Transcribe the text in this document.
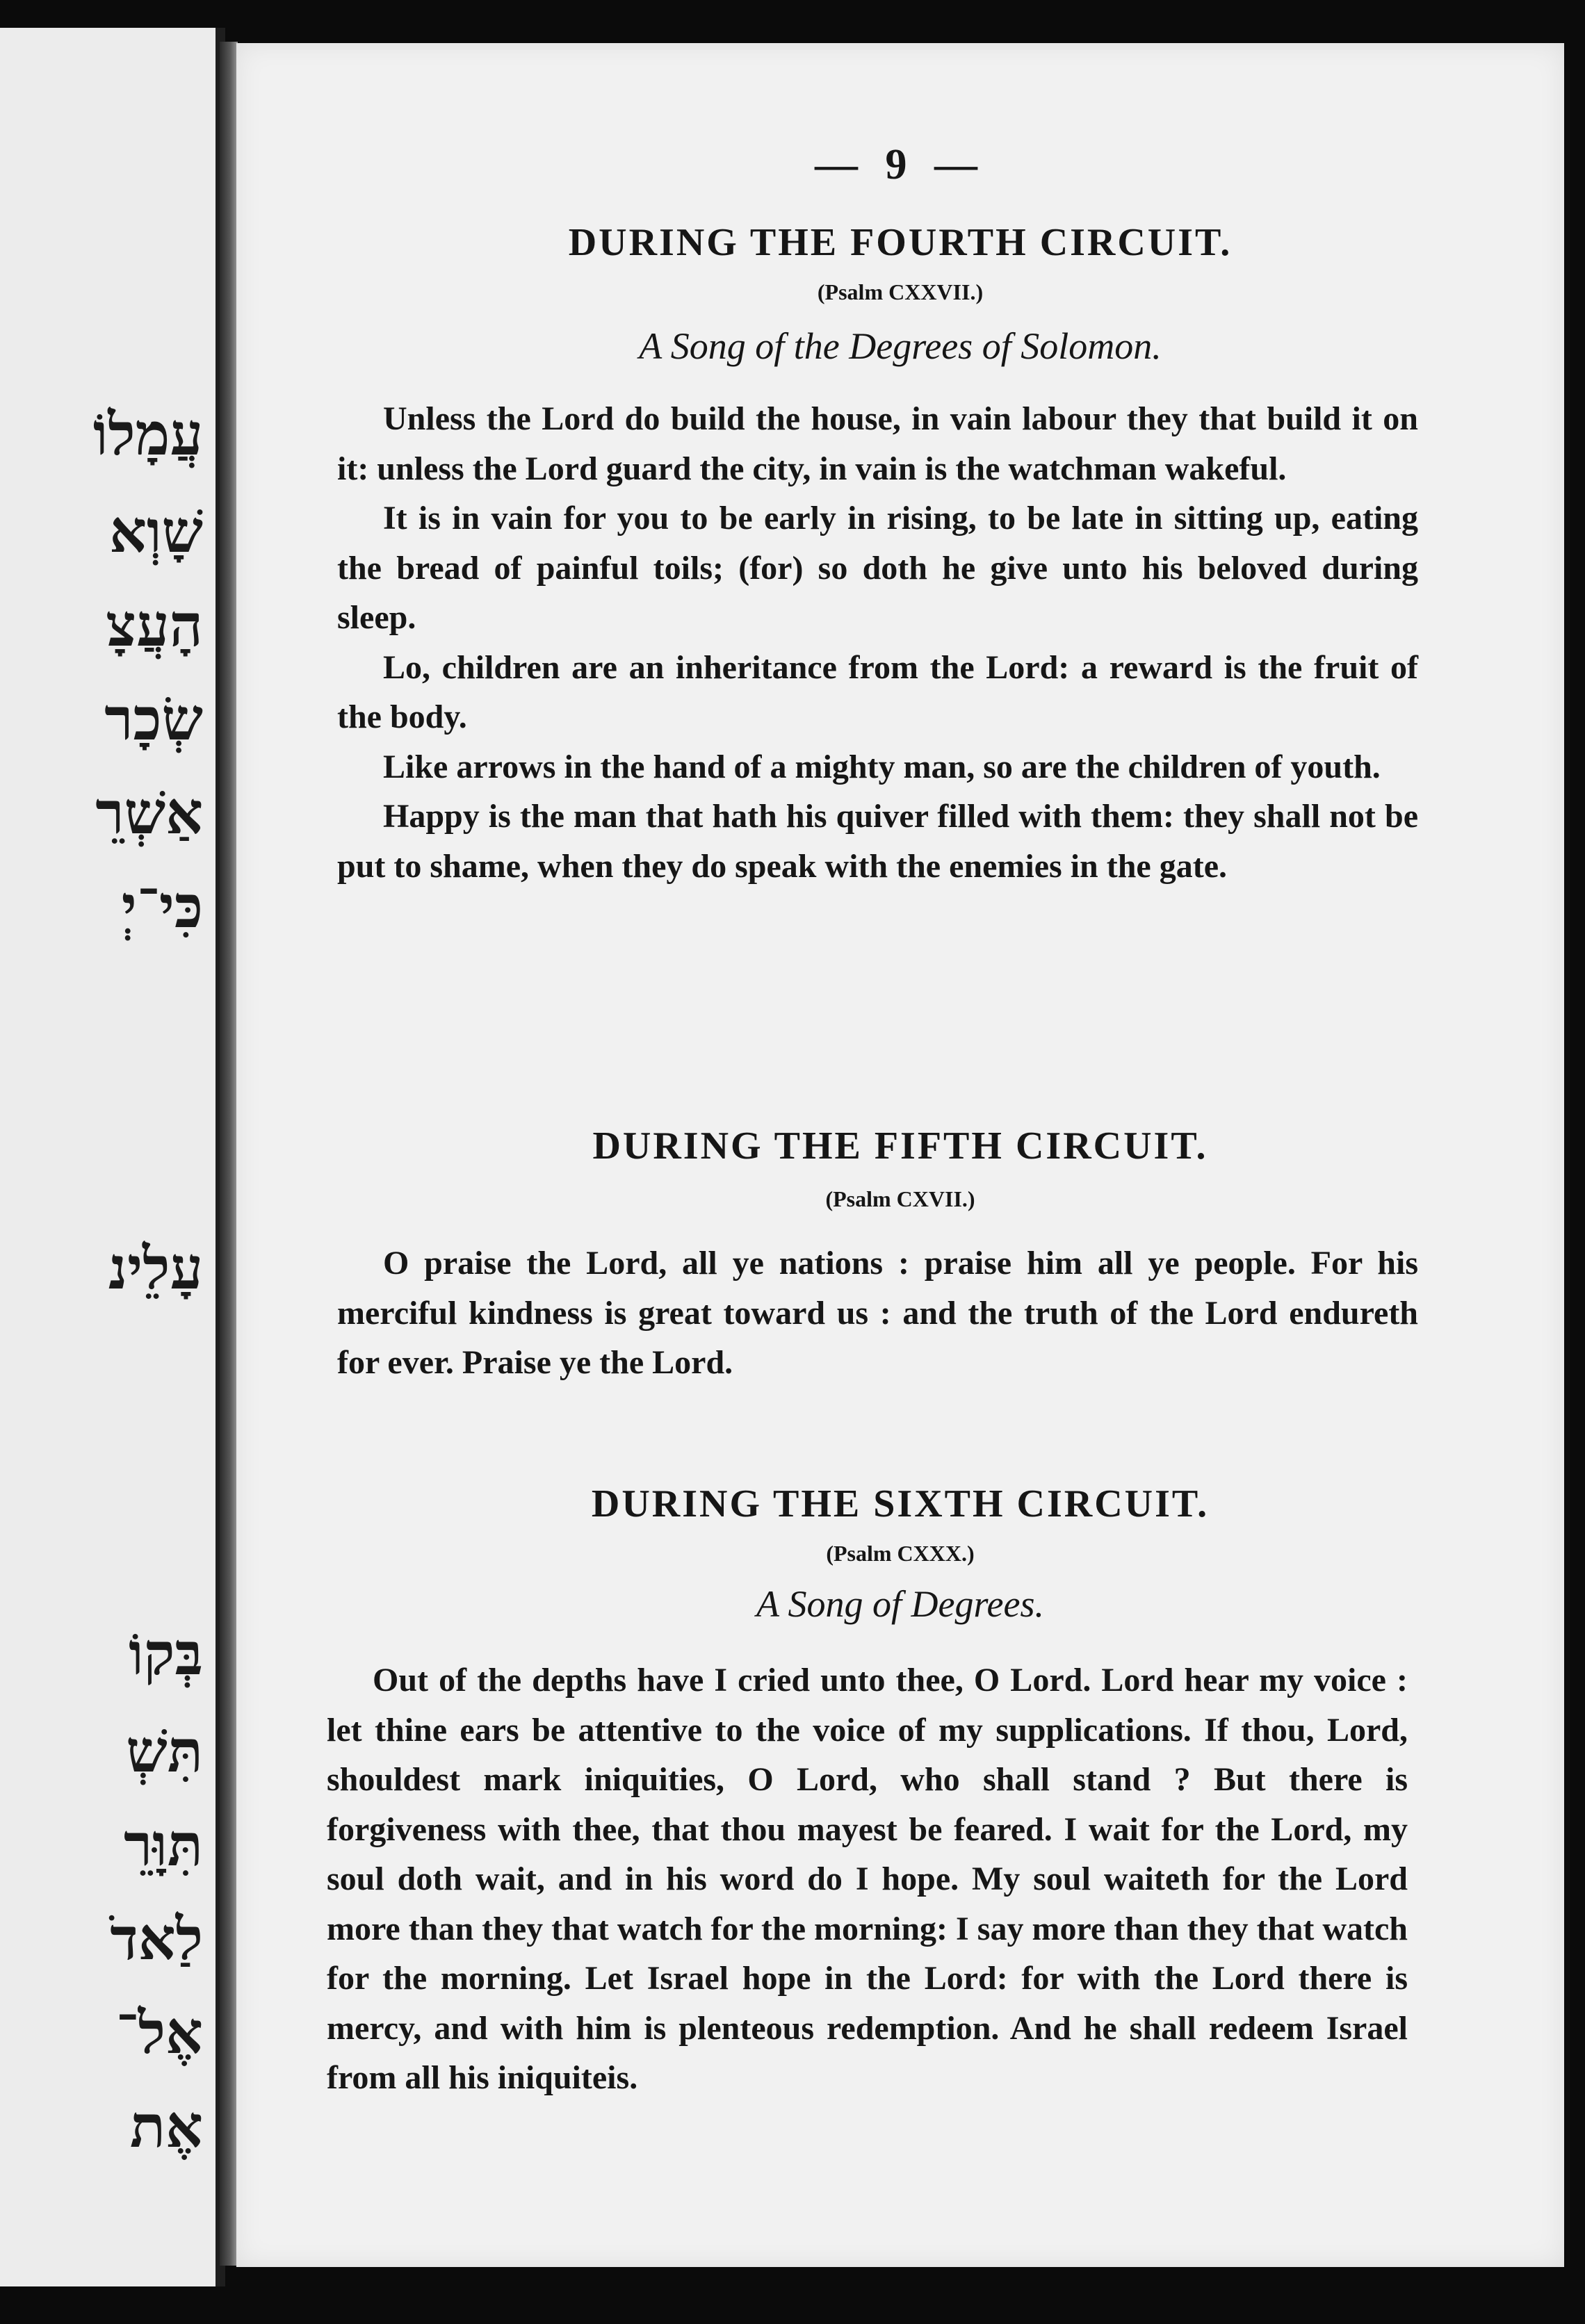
עֲמָלוֹ
שָׁוְא
הָעֲצָ
שְׂכָר
אַשְׁרֵ
כִּי־יְ
עָלֵינ
בְּקוֹ
תִּשְׁ
תִּוָּרֵ
לַאדֹ
אֶל־
אֶת
— 9 —
DURING THE FOURTH CIRCUIT.
(Psalm CXXVII.)
A Song of the Degrees of Solomon.

Unless the Lord do build the house, in vain labour they that build it on it: unless the Lord guard the city, in vain is the watchman wakeful.

It is in vain for you to be early in rising, to be late in sitting up, eating the bread of painful toils; (for) so doth he give unto his beloved during sleep.

Lo, children are an inheritance from the Lord: a reward is the fruit of the body.

Like arrows in the hand of a mighty man, so are the children of youth.

Happy is the man that hath his quiver filled with them: they shall not be put to shame, when they do speak with the enemies in the gate.

DURING THE FIFTH CIRCUIT.
(Psalm CXVII.)

O praise the Lord, all ye nations : praise him all ye people. For his merciful kindness is great toward us : and the truth of the Lord endureth for ever. Praise ye the Lord.

DURING THE SIXTH CIRCUIT.
(Psalm CXXX.)
A Song of Degrees.

Out of the depths have I cried unto thee, O Lord. Lord hear my voice : let thine ears be attentive to the voice of my supplications. If thou, Lord, shouldest mark iniquities, O Lord, who shall stand ? But there is forgiveness with thee, that thou mayest be feared. I wait for the Lord, my soul doth wait, and in his word do I hope. My soul waiteth for the Lord more than they that watch for the morning: I say more than they that watch for the morning. Let Israel hope in the Lord: for with the Lord there is mercy, and with him is plenteous redemption. And he shall redeem Israel from all his iniquiteis.
